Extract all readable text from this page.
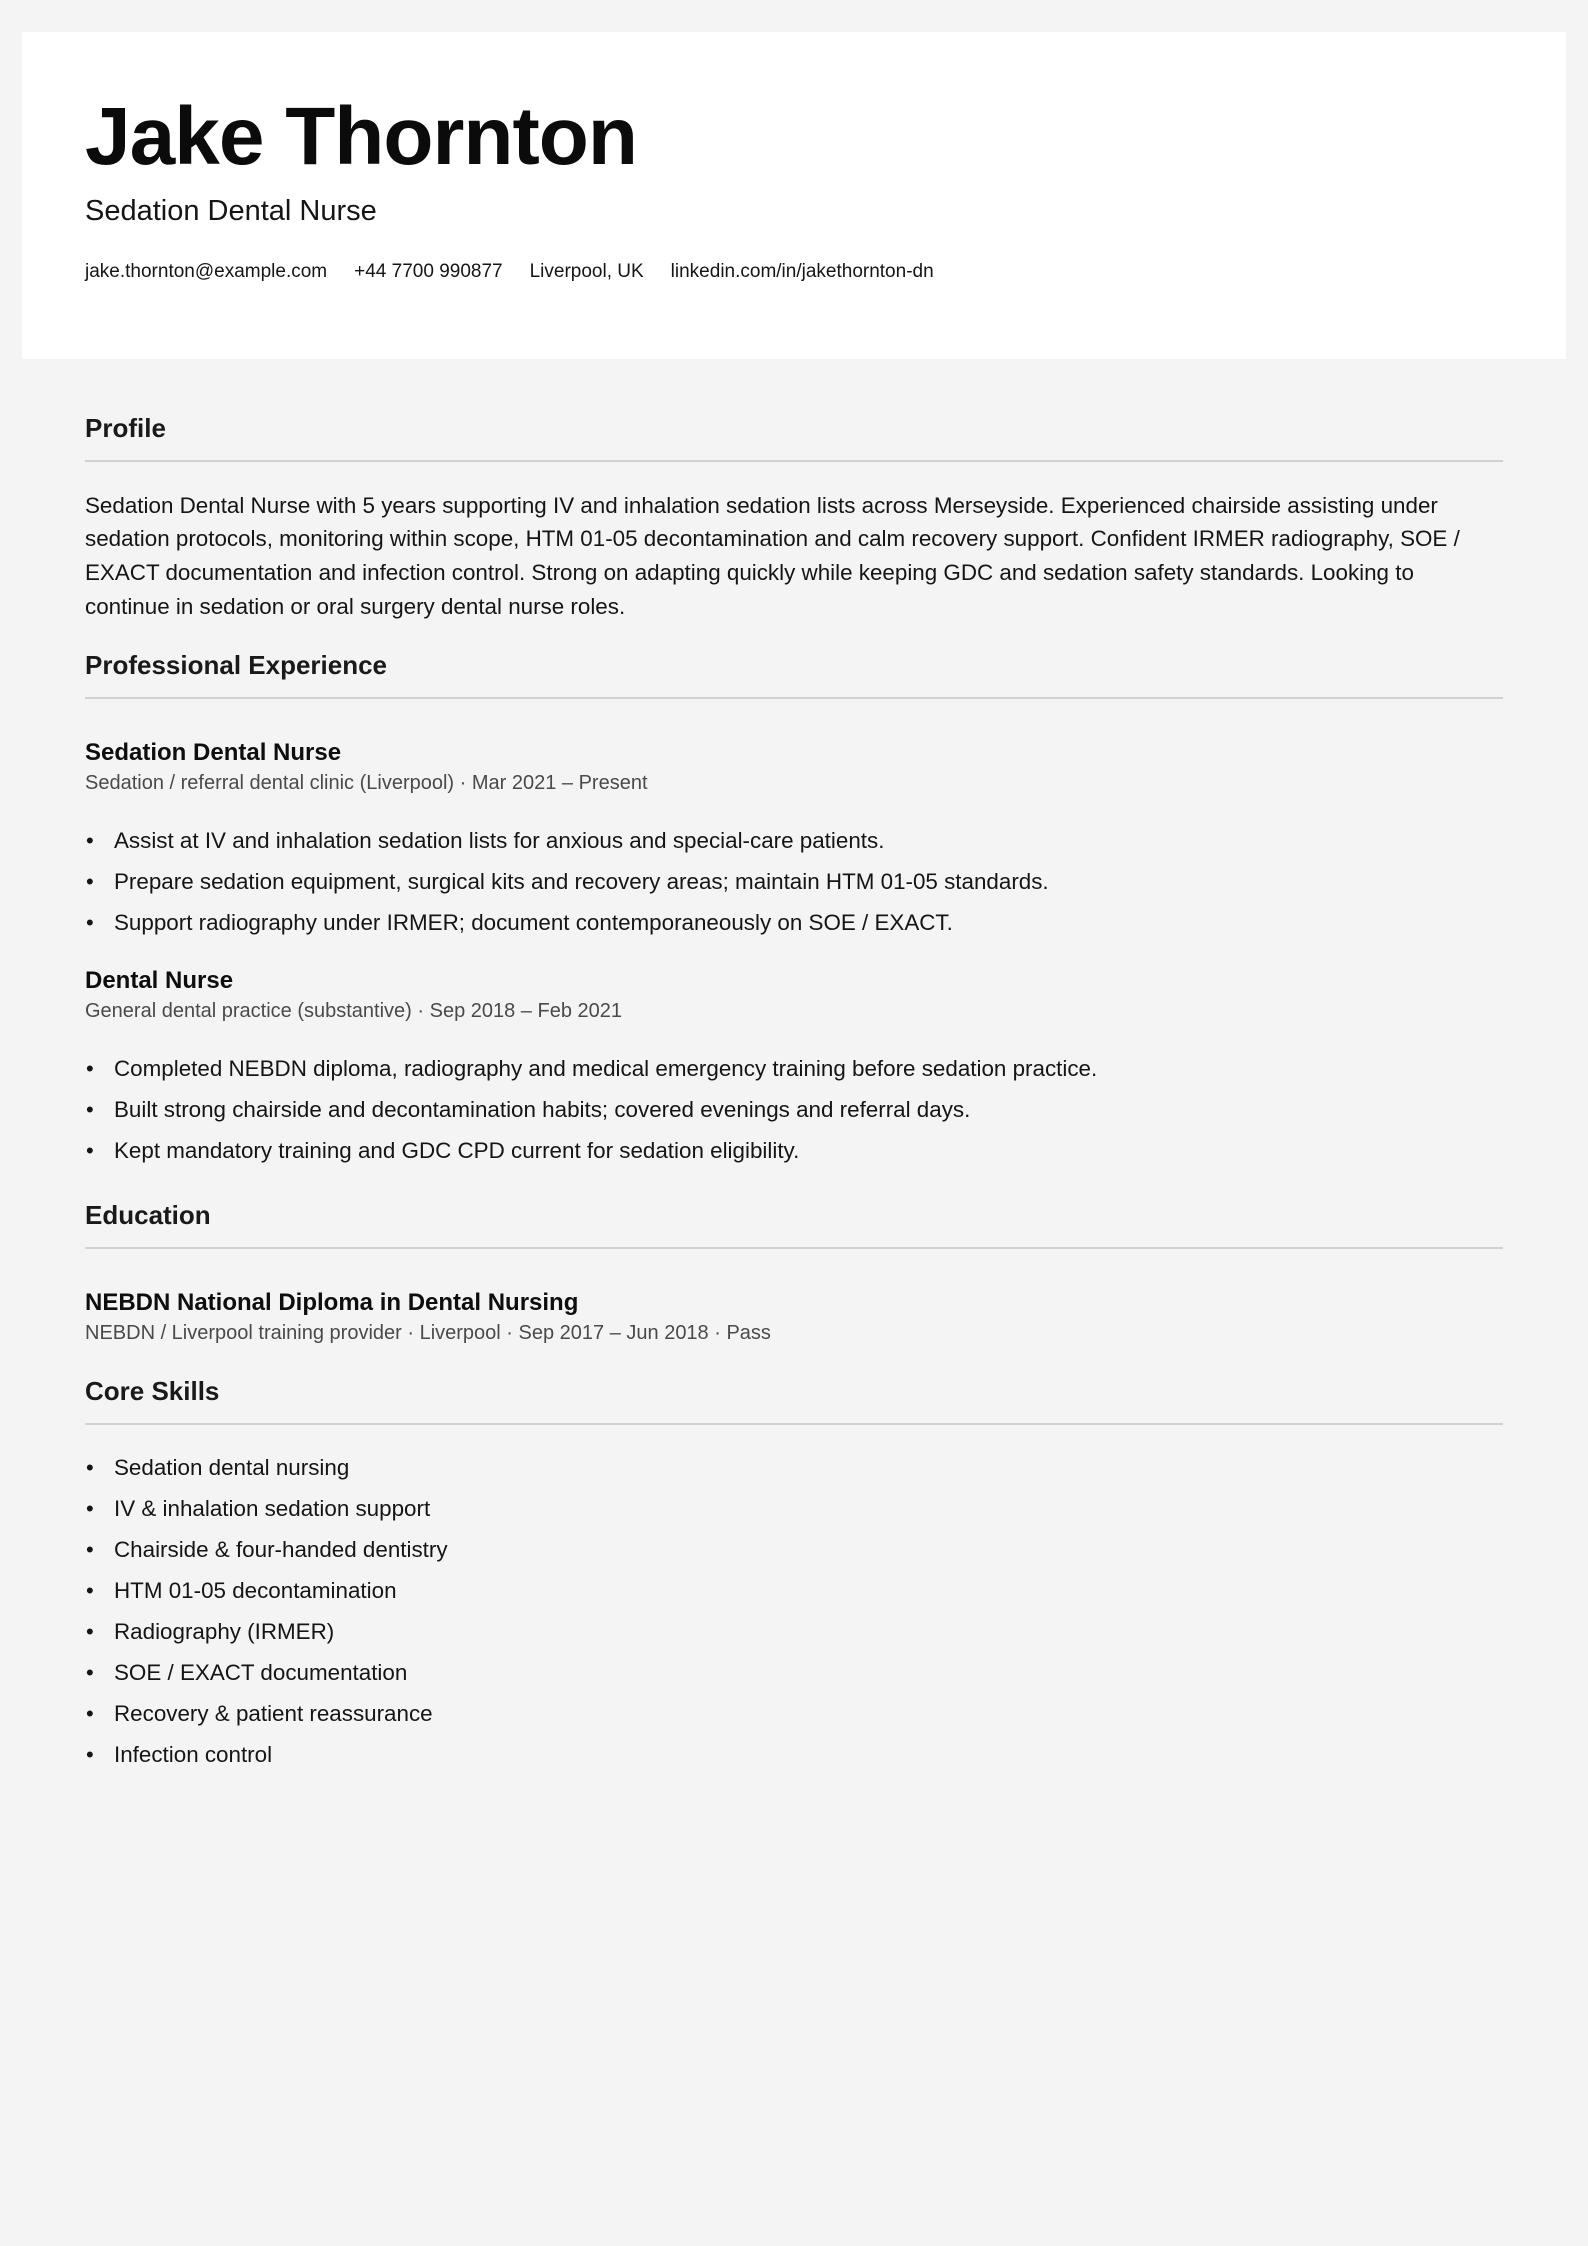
Jake Thornton
Sedation Dental Nurse
jake.thornton@example.com +44 7700 990877 Liverpool, UK linkedin.com/in/jakethornton-dn
Profile

Sedation Dental Nurse with 5 years supporting IV and inhalation sedation lists across Merseyside. Experienced chairside assisting under sedation protocols, monitoring within scope, HTM 01-05 decontamination and calm recovery support. Confident IRMER radiography, SOE / EXACT documentation and infection control. Strong on adapting quickly while keeping GDC and sedation safety standards. Looking to continue in sedation or oral surgery dental nurse roles.

Professional Experience
Sedation Dental Nurse
Sedation / referral dental clinic (Liverpool) · Mar 2021 – Present
• Assist at IV and inhalation sedation lists for anxious and special-care patients.
• Prepare sedation equipment, surgical kits and recovery areas; maintain HTM 01-05 standards.
• Support radiography under IRMER; document contemporaneously on SOE / EXACT.
Dental Nurse
General dental practice (substantive) · Sep 2018 – Feb 2021
• Completed NEBDN diploma, radiography and medical emergency training before sedation practice.
• Built strong chairside and decontamination habits; covered evenings and referral days.
• Kept mandatory training and GDC CPD current for sedation eligibility.
Education
NEBDN National Diploma in Dental Nursing
NEBDN / Liverpool training provider · Liverpool · Sep 2017 – Jun 2018 · Pass
Core Skills
• Sedation dental nursing
• IV & inhalation sedation support
• Chairside & four-handed dentistry
• HTM 01-05 decontamination
• Radiography (IRMER)
• SOE / EXACT documentation
• Recovery & patient reassurance
• Infection control
